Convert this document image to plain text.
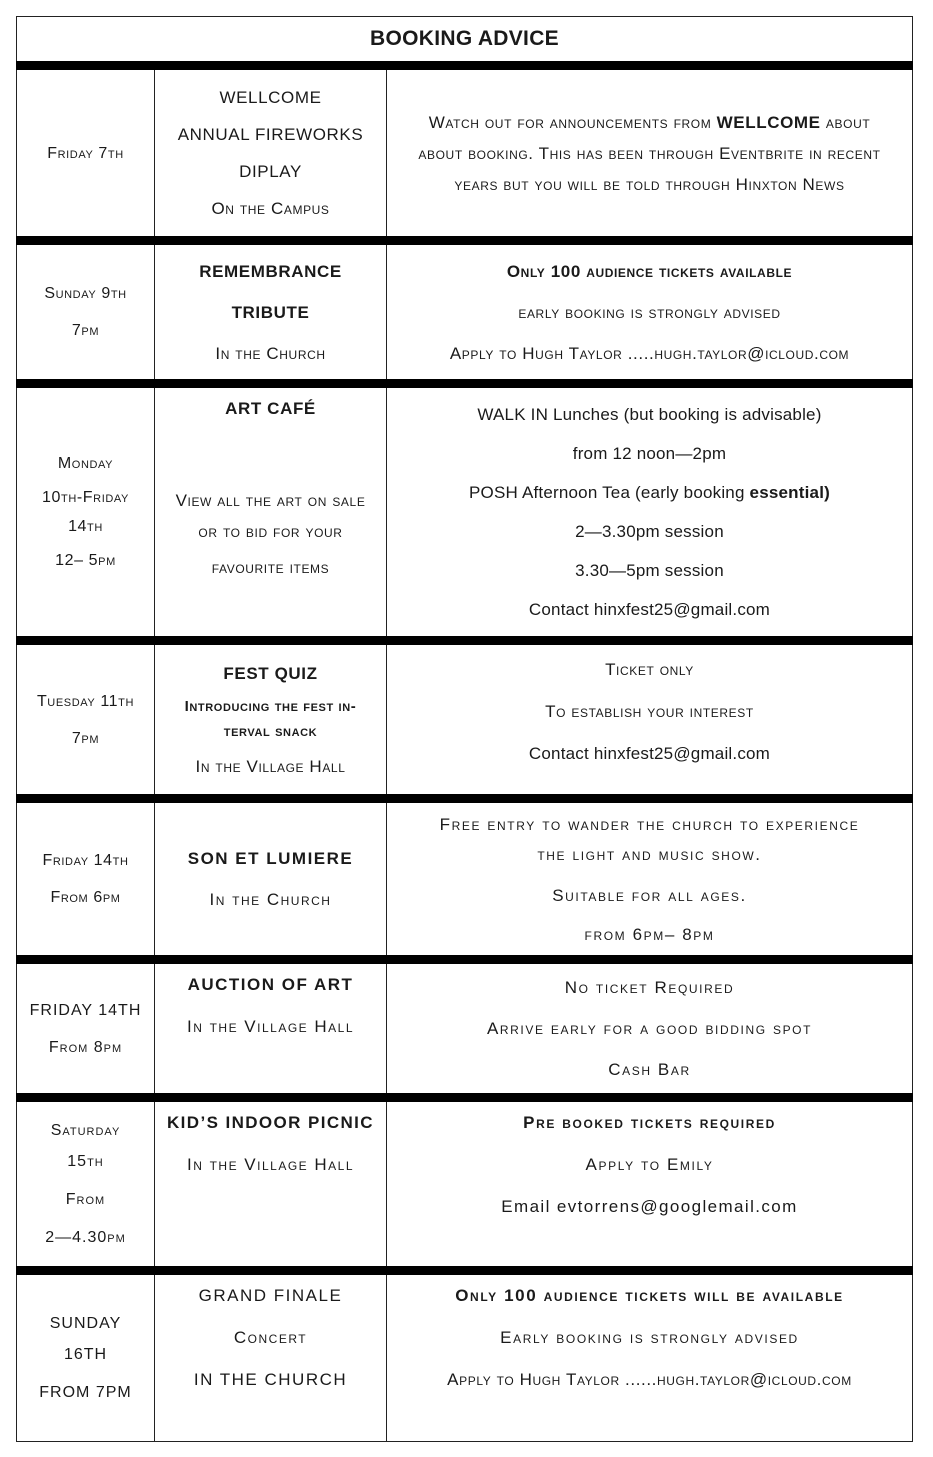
BOOKING ADVICE
Friday 7th
WELLCOME
ANNUAL FIREWORKS
DIPLAY
On the Campus
Watch out for announcements from WELLCOME about
about booking. This has been through Eventbrite in recent
years but you will be told through Hinxton News
Sunday 9th
7pm
REMEMBRANCE
TRIBUTE
In the Church
Only 100 audience tickets available
early booking is strongly advised
Apply to Hugh Taylor .....hugh.taylor@icloud.com
Monday
10th-Friday
14th
12– 5pm
ART CAFÉ
View all the art on sale
or to bid for your
favourite items
WALK IN Lunches (but booking is advisable)
from 12 noon—2pm
POSH Afternoon Tea (early booking essential)
2—3.30pm session
3.30—5pm session
Contact hinxfest25@gmail.com
Tuesday 11th
7pm
FEST QUIZ
Introducing the fest in-
terval snack
In the Village Hall
Ticket only
To establish your interest
Contact hinxfest25@gmail.com
Friday 14th
From 6pm
SON ET LUMIERE
In the Church
Free entry to wander the church to experience
the light and music show.
Suitable for all ages.
from 6pm– 8pm
FRIDAY 14TH
From 8pm
AUCTION OF ART
In the Village Hall
No ticket Required
Arrive early for a good bidding spot
Cash Bar
Saturday
15th
From
2—4.30pm
KID’S INDOOR PICNIC
In the Village Hall
Pre booked tickets required
Apply to Emily
Email evtorrens@googlemail.com
SUNDAY
16TH
FROM 7PM
GRAND FINALE
Concert
IN THE CHURCH
Only 100 audience tickets will be available
Early booking is strongly advised
Apply to Hugh Taylor ......hugh.taylor@icloud.com
